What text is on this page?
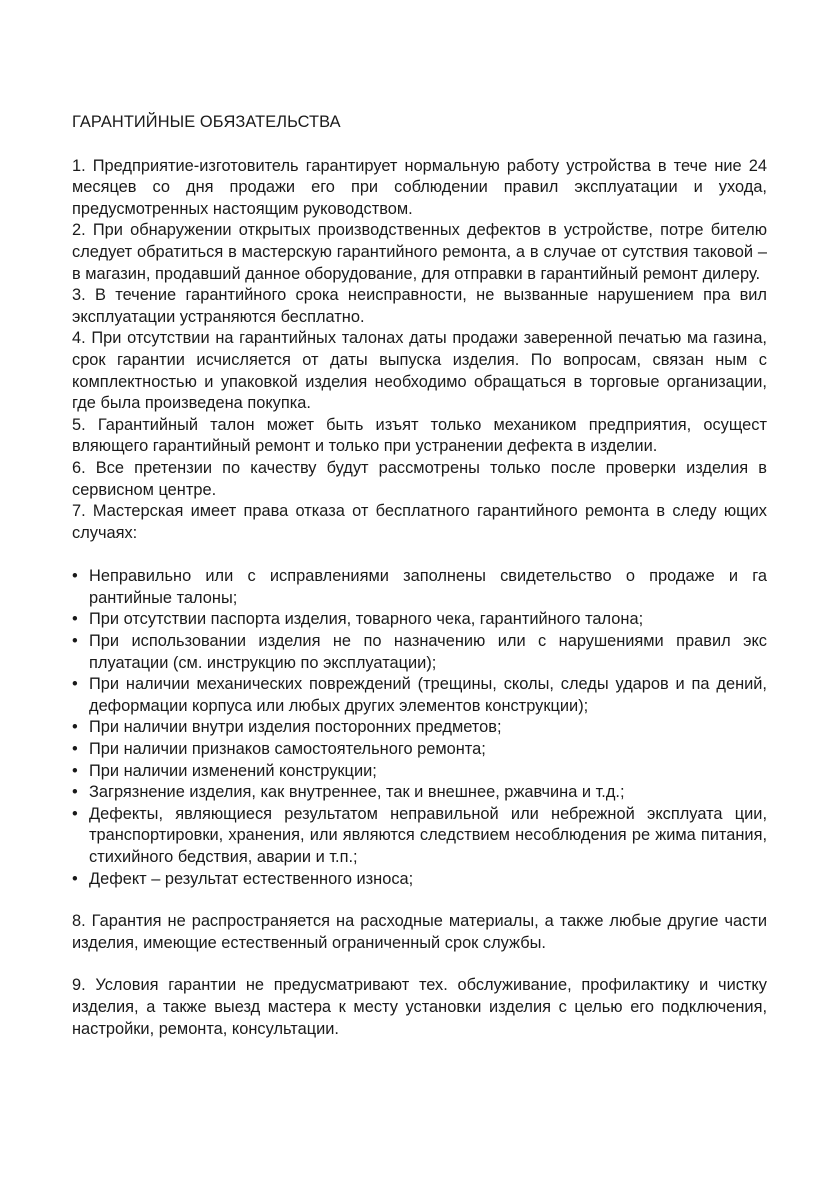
ГАРАНТИЙНЫЕ ОБЯЗАТЕЛЬСТВА

1. Предприятие-изготовитель гарантирует нормальную работу устройства в тече ние 24 месяцев со дня продажи его при соблюдении правил эксплуатации и ухода, предусмотренных настоящим руководством.

2. При обнаружении открытых производственных дефектов в устройстве, потре бителю следует обратиться в мастерскую гарантийного ремонта, а в случае от сутствия таковой – в магазин, продавший данное оборудование, для отправки в гарантийный ремонт дилеру.

3. В течение гарантийного срока неисправности, не вызванные нарушением пра вил эксплуатации устраняются бесплатно.

4. При отсутствии на гарантийных талонах даты продажи заверенной печатью ма газина, срок гарантии исчисляется от даты выпуска изделия. По вопросам, связан ным с комплектностью и упаковкой изделия необходимо обращаться в торговые организации, где была произведена покупка.

5. Гарантийный талон может быть изъят только механиком предприятия, осущест вляющего гарантийный ремонт и только при устранении дефекта в изделии.

6. Все претензии по качеству будут рассмотрены только после проверки изделия в сервисном центре.

7. Мастерская имеет права отказа от бесплатного гарантийного ремонта в следу ющих случаях:

• Неправильно или с исправлениями заполнены свидетельство о продаже и га рантийные талоны;
• При отсутствии паспорта изделия, товарного чека, гарантийного талона;
• При использовании изделия не по назначению или с нарушениями правил экс плуатации (см. инструкцию по эксплуатации);
• При наличии механических повреждений (трещины, сколы, следы ударов и па дений, деформации корпуса или любых других элементов конструкции);
• При наличии внутри изделия посторонних предметов;
• При наличии признаков самостоятельного ремонта;
• При наличии изменений конструкции;
• Загрязнение изделия, как внутреннее, так и внешнее, ржавчина и т.д.;
• Дефекты, являющиеся результатом неправильной или небрежной эксплуата ции, транспортировки, хранения, или являются следствием несоблюдения ре жима питания, стихийного бедствия, аварии и т.п.;
• Дефект – результат естественного износа;

8. Гарантия не распространяется на расходные материалы, а также любые другие части изделия, имеющие естественный ограниченный срок службы.

9. Условия гарантии не предусматривают тех. обслуживание, профилактику и чистку изделия, а также выезд мастера к месту установки изделия с целью его подключения, настройки, ремонта, консультации.
